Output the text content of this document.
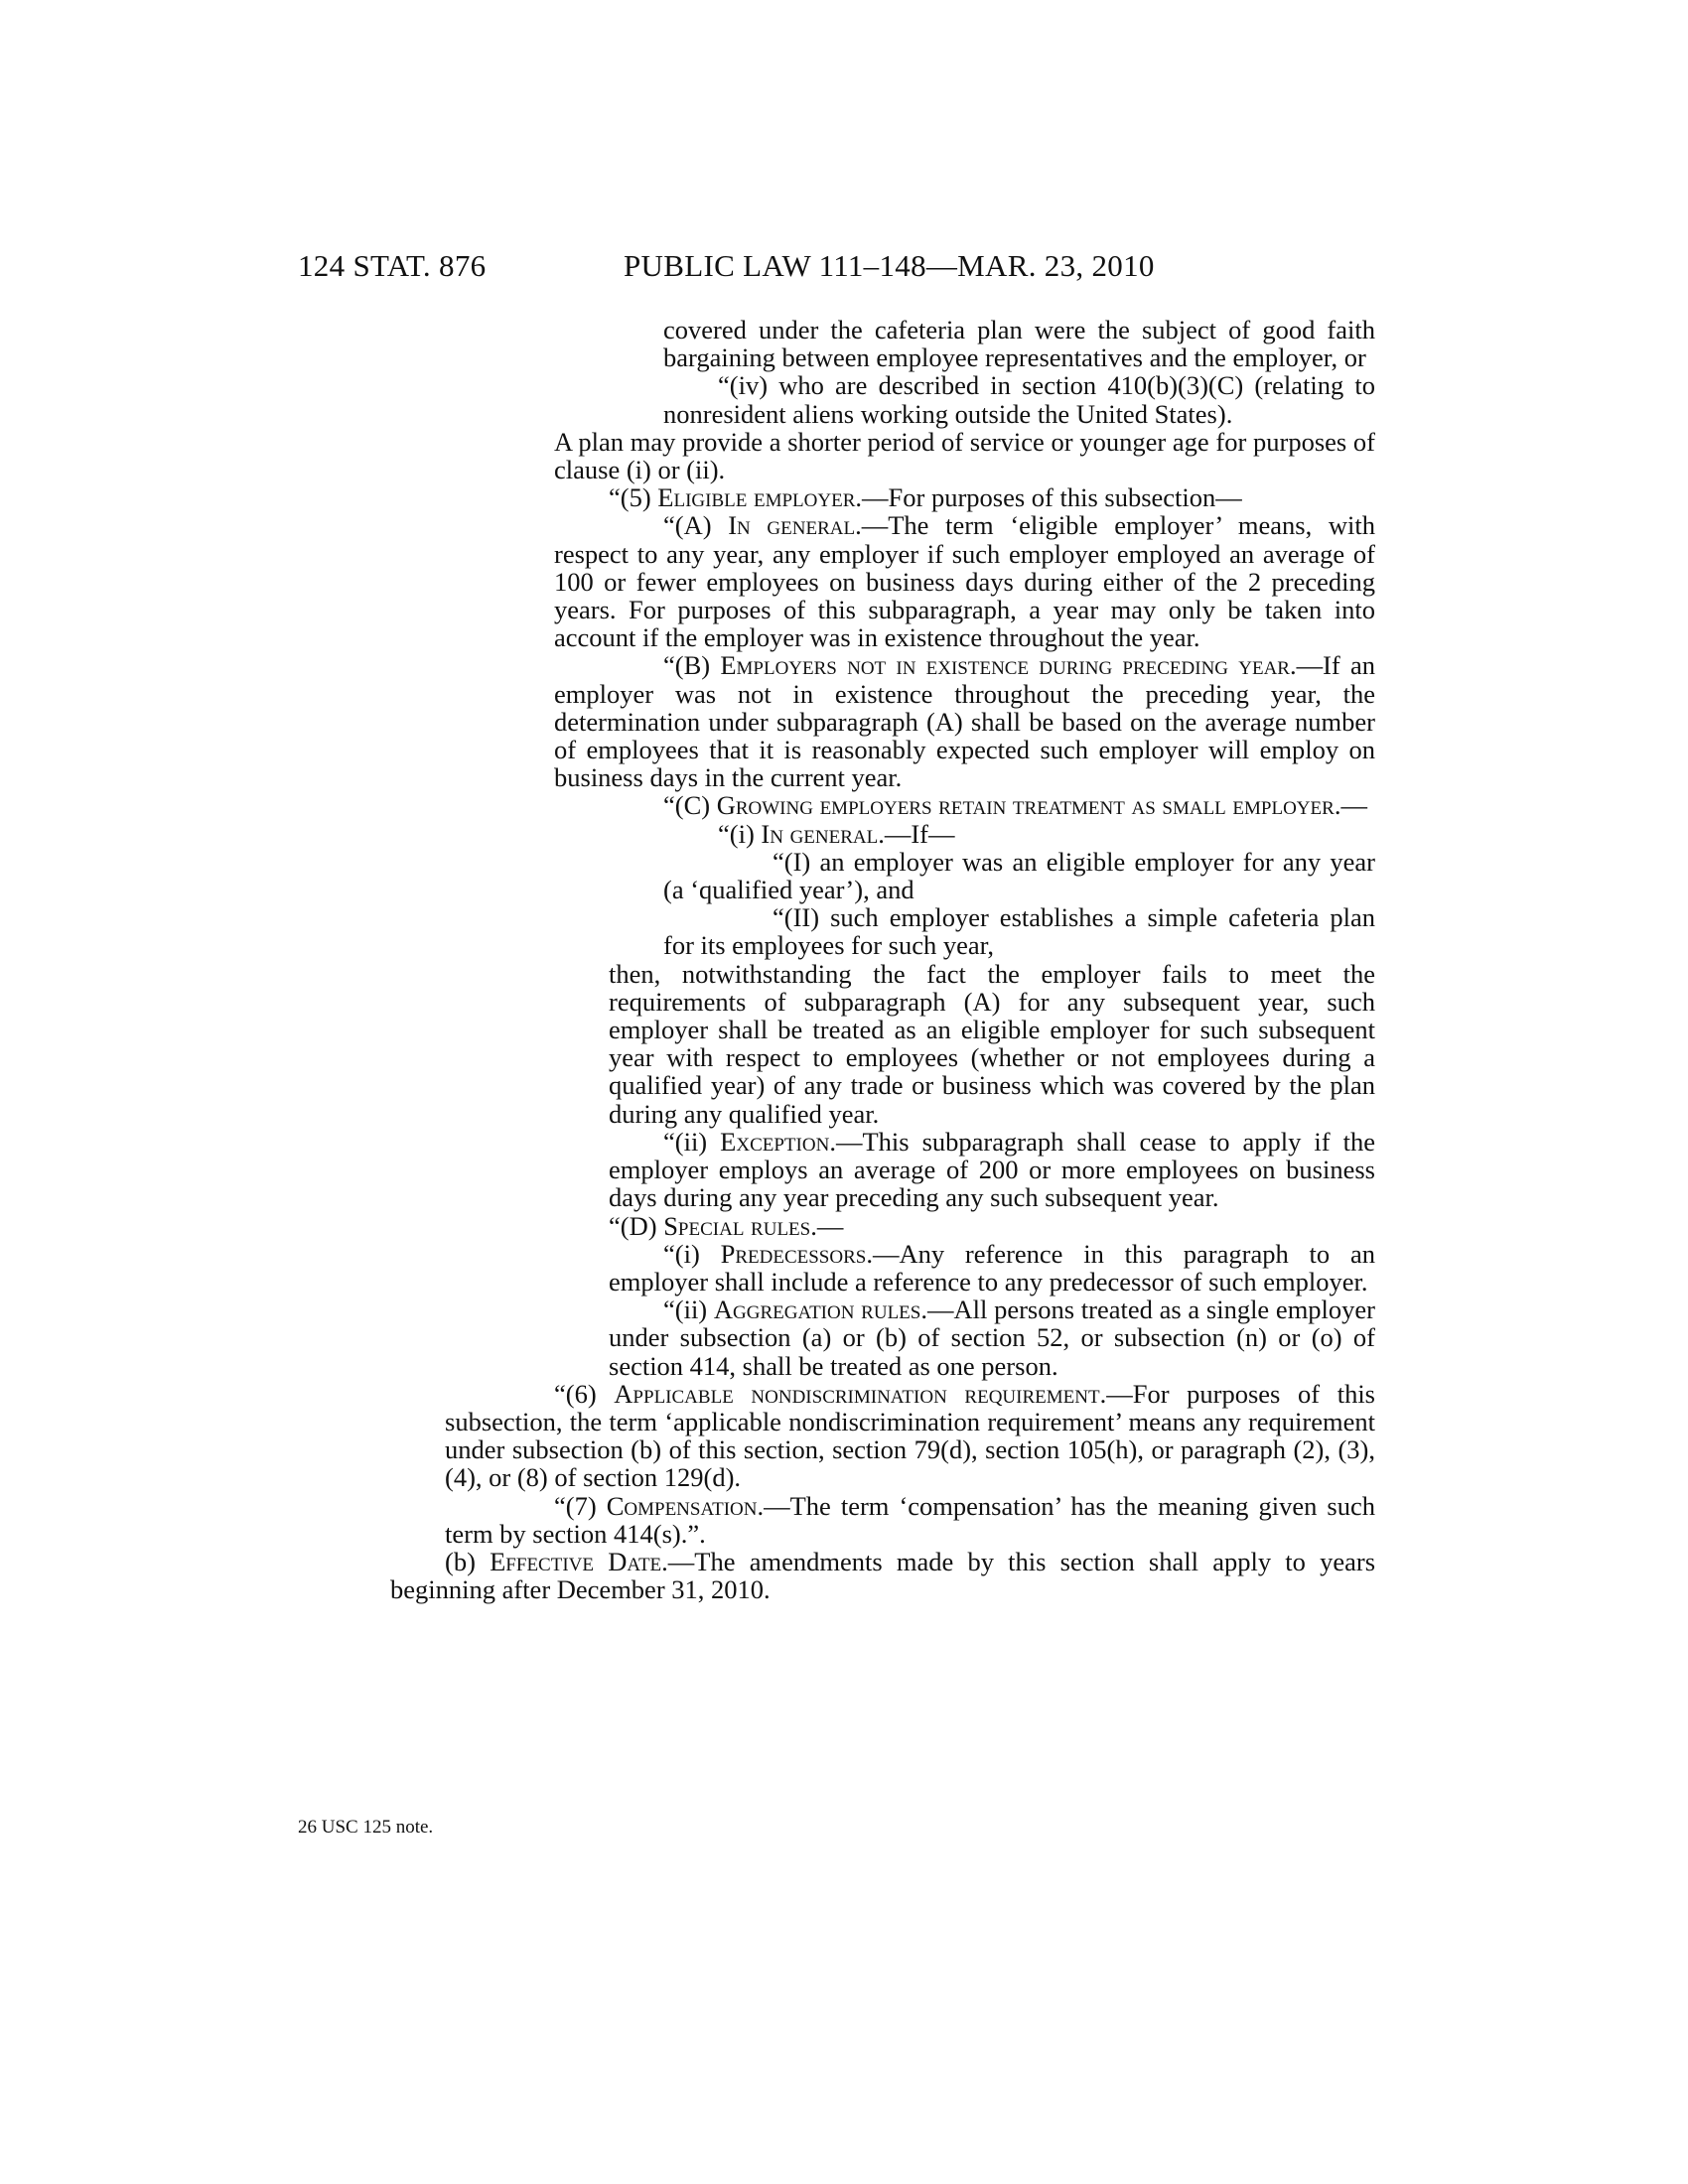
124 STAT. 876	PUBLIC LAW 111–148—MAR. 23, 2010

covered under the cafeteria plan were the subject of good faith bargaining between employee representatives and the employer, or

“(iv) who are described in section 410(b)(3)(C) (relating to nonresident aliens working outside the United States).

A plan may provide a shorter period of service or younger age for purposes of clause (i) or (ii).

“(5) Eligible employer.—For purposes of this subsection—

“(A) In general.—The term ‘eligible employer’ means, with respect to any year, any employer if such employer employed an average of 100 or fewer employees on business days during either of the 2 preceding years. For purposes of this subparagraph, a year may only be taken into account if the employer was in existence throughout the year.

“(B) Employers not in existence during preceding year.—If an employer was not in existence throughout the preceding year, the determination under subparagraph (A) shall be based on the average number of employees that it is reasonably expected such employer will employ on business days in the current year.

“(C) Growing employers retain treatment as small employer.—

“(i) In general.—If—

“(I) an employer was an eligible employer for any year (a ‘qualified year’), and

“(II) such employer establishes a simple cafeteria plan for its employees for such year,

then, notwithstanding the fact the employer fails to meet the requirements of subparagraph (A) for any subsequent year, such employer shall be treated as an eligible employer for such subsequent year with respect to employees (whether or not employees during a qualified year) of any trade or business which was covered by the plan during any qualified year.

“(ii) Exception.—This subparagraph shall cease to apply if the employer employs an average of 200 or more employees on business days during any year preceding any such subsequent year.

“(D) Special rules.—

“(i) Predecessors.—Any reference in this paragraph to an employer shall include a reference to any predecessor of such employer.

“(ii) Aggregation rules.—All persons treated as a single employer under subsection (a) or (b) of section 52, or subsection (n) or (o) of section 414, shall be treated as one person.

“(6) Applicable nondiscrimination requirement.—For purposes of this subsection, the term ‘applicable nondiscrimination requirement’ means any requirement under subsection (b) of this section, section 79(d), section 105(h), or paragraph (2), (3), (4), or (8) of section 129(d).

“(7) Compensation.—The term ‘compensation’ has the meaning given such term by section 414(s).”.

(b) Effective Date.—The amendments made by this section shall apply to years beginning after December 31, 2010.

26 USC 125 note.
